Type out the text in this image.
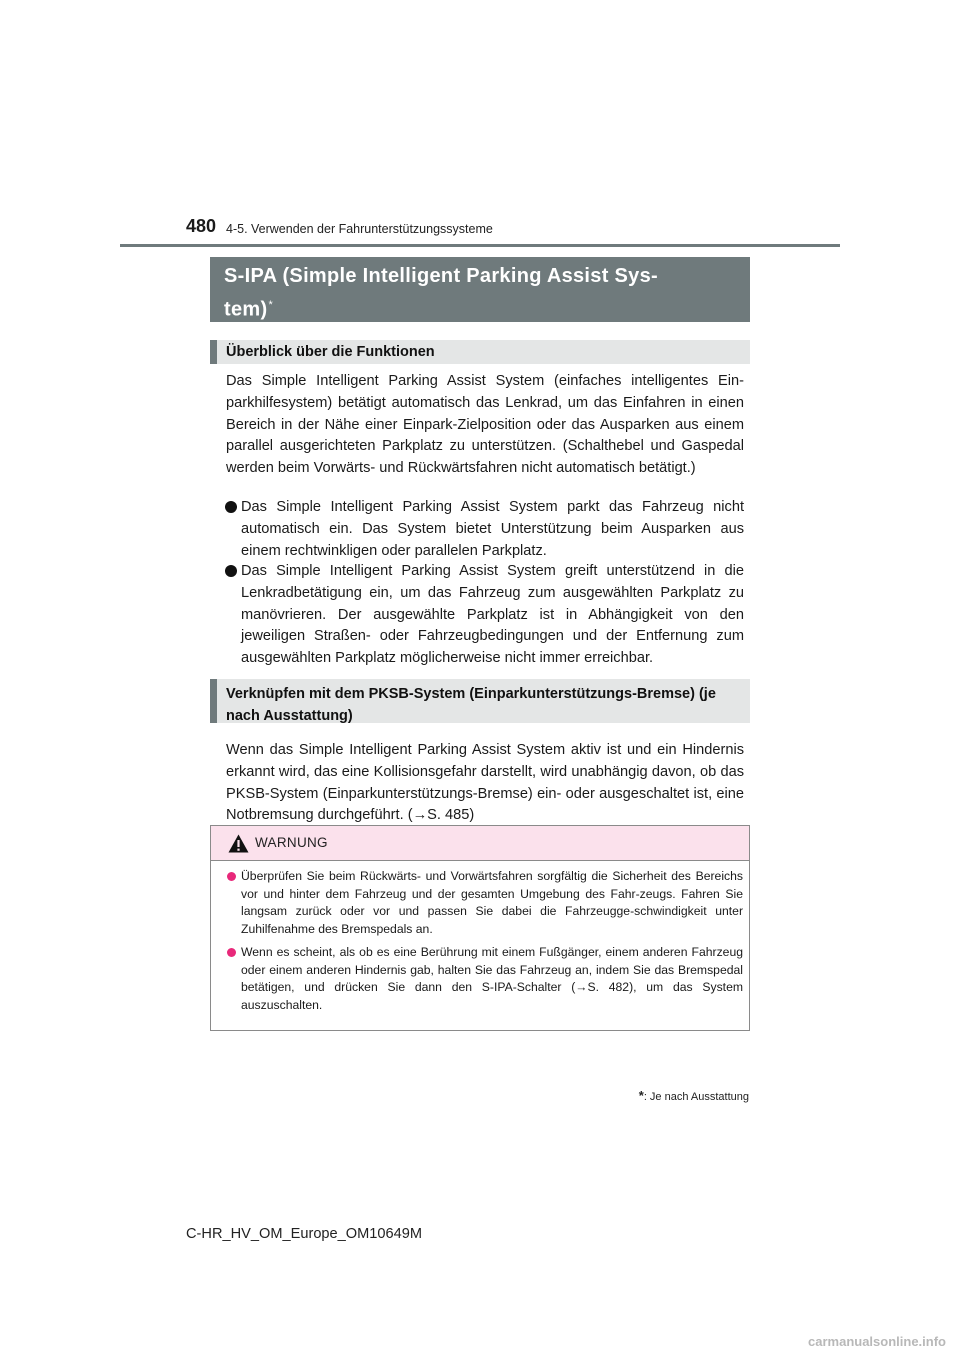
480 4-5. Verwenden der Fahrunterstützungssysteme
S-IPA (Simple Intelligent Parking Assist Sys-
tem)*
Überblick über die Funktionen

Das Simple Intelligent Parking Assist System (einfaches intelligentes Ein-parkhilfesystem) betätigt automatisch das Lenkrad, um das Einfahren in einen Bereich in der Nähe einer Einpark-Zielposition oder das Ausparken aus einem parallel ausgerichteten Parkplatz zu unterstützen. (Schalthebel und Gaspedal werden beim Vorwärts- und Rückwärtsfahren nicht automatisch betätigt.)

Das Simple Intelligent Parking Assist System parkt das Fahrzeug nicht automatisch ein. Das System bietet Unterstützung beim Ausparken aus einem rechtwinkligen oder parallelen Parkplatz.

Das Simple Intelligent Parking Assist System greift unterstützend in die Lenkradbetätigung ein, um das Fahrzeug zum ausgewählten Parkplatz zu manövrieren. Der ausgewählte Parkplatz ist in Abhängigkeit von den jeweiligen Straßen- oder Fahrzeugbedingungen und der Entfernung zum ausgewählten Parkplatz möglicherweise nicht immer erreichbar.

Verknüpfen mit dem PKSB-System (Einparkunterstützungs-Bremse) (je nach Ausstattung)

Wenn das Simple Intelligent Parking Assist System aktiv ist und ein Hindernis erkannt wird, das eine Kollisionsgefahr darstellt, wird unabhängig davon, ob das PKSB-System (Einparkunterstützungs-Bremse) ein- oder ausgeschaltet ist, eine Notbremsung durchgeführt. (→S. 485)

WARNUNG

Überprüfen Sie beim Rückwärts- und Vorwärtsfahren sorgfältig die Sicherheit des Bereichs vor und hinter dem Fahrzeug und der gesamten Umgebung des Fahr-zeugs. Fahren Sie langsam zurück oder vor und passen Sie dabei die Fahrzeugge-schwindigkeit unter Zuhilfenahme des Bremspedals an.

Wenn es scheint, als ob es eine Berührung mit einem Fußgänger, einem anderen Fahrzeug oder einem anderen Hindernis gab, halten Sie das Fahrzeug an, indem Sie das Bremspedal betätigen, und drücken Sie dann den S-IPA-Schalter (→S. 482), um das System auszuschalten.

*: Je nach Ausstattung
C-HR_HV_OM_Europe_OM10649M
carmanualsonline.info
